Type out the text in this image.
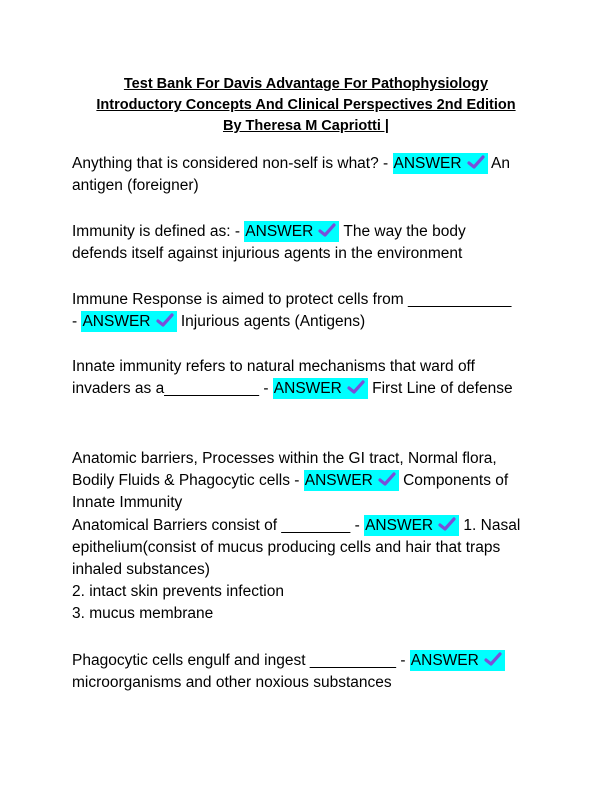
Test Bank For Davis Advantage For Pathophysiology
Introductory Concepts And Clinical Perspectives 2nd Edition
By Theresa M Capriotti |
Anything that is considered non-self is what? - ANSWER An
antigen (foreigner)
Immunity is defined as: - ANSWER The way the body
defends itself against injurious agents in the environment
Immune Response is aimed to protect cells from ____________
- ANSWER Injurious agents (Antigens)
Innate immunity refers to natural mechanisms that ward off
invaders as a___________ - ANSWER First Line of defense
Anatomic barriers, Processes within the GI tract, Normal flora,
Bodily Fluids & Phagocytic cells - ANSWER Components of
Innate Immunity
Anatomical Barriers consist of ________ - ANSWER 1. Nasal
epithelium(consist of mucus producing cells and hair that traps
inhaled substances)
2. intact skin prevents infection
3. mucus membrane
Phagocytic cells engulf and ingest __________ - ANSWER
microorganisms and other noxious substances
